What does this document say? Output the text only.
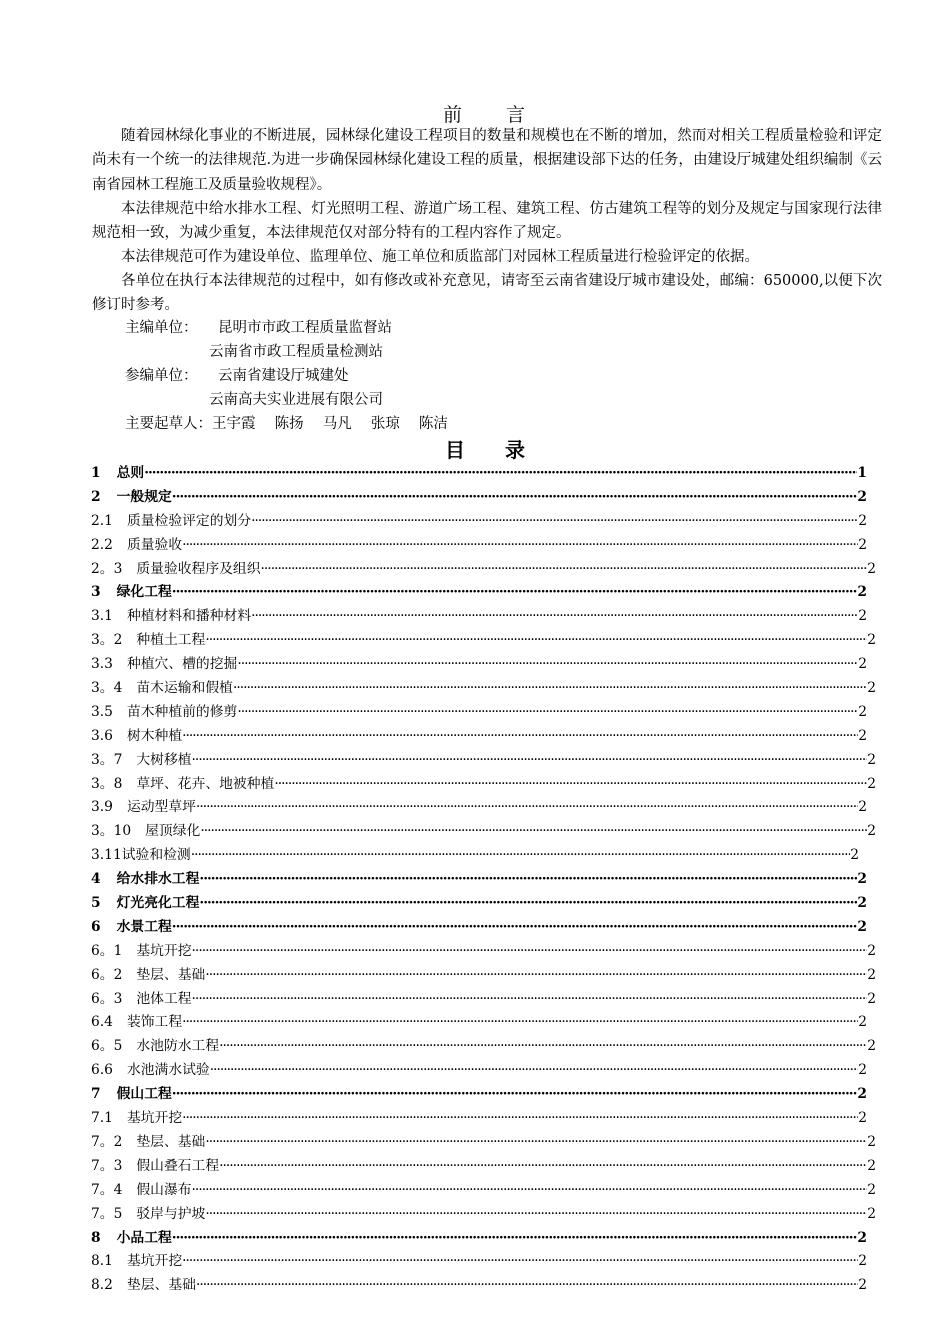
前　　言

随着园林绿化事业的不断进展，园林绿化建设工程项目的数量和规模也在不断的增加，然而对相关工程质量检验和评定尚未有一个统一的法律规范.为进一步确保园林绿化建设工程的质量，根据建设部下达的任务，由建设厅城建处组织编制《云南省园林工程施工及质量验收规程》。

本法律规范中给水排水工程、灯光照明工程、游道广场工程、建筑工程、仿古建筑工程等的划分及规定与国家现行法律规范相一致，为减少重复，本法律规范仅对部分特有的工程内容作了规定。

本法律规范可作为建设单位、监理单位、施工单位和质监部门对园林工程质量进行检验评定的依据。

各单位在执行本法律规范的过程中，如有修改或补充意见，请寄至云南省建设厅城市建设处，邮编：650000,以便下次修订时参考。

主编单位： 昆明市市政工程质量监督站
云南省市政工程质量检测站
参编单位： 云南省建设厅城建处
云南高夫实业进展有限公司
主要起草人：王宇霞　 陈扬　 马凡　 张琼　 陈洁
目　　录
1 总则 ·····	1
2 一般规定 ·····	2
2.1 质量检验评定的划分 ·····	2
2.2 质量验收 ·····	2
2。3 质量验收程序及组织 ·····	2
3 绿化工程 ·····	2
3.1 种植材料和播种材料 ·····	2
3。2 种植土工程 ·····	2
3.3 种植穴、槽的挖掘 ·····	2
3。4 苗木运输和假植 ·····	2
3.5 苗木种植前的修剪 ·····	2
3.6 树木种植 ·····	2
3。7 大树移植 ·····	2
3。8 草坪、花卉、地被种植 ·····	2
3.9 运动型草坪 ·····	2
3。10 屋顶绿化 ·····	2
3.11 试验和检测 ·····	2
4 给水排水工程 ·····	2
5 灯光亮化工程 ·····	2
6 水景工程 ·····	2
6。1 基坑开挖 ·····	2
6。2 垫层、基础 ·····	2
6。3 池体工程 ·····	2
6.4 装饰工程 ·····	2
6。5 水池防水工程 ·····	2
6.6 水池满水试验 ·····	2
7 假山工程 ·····	2
7.1 基坑开挖 ·····	2
7。2 垫层、基础 ·····	2
7。3 假山叠石工程 ·····	2
7。4 假山瀑布 ·····	2
7。5 驳岸与护坡 ·····	2
8 小品工程 ·····	2
8.1 基坑开挖 ·····	2
8.2 垫层、基础 ·····	2
